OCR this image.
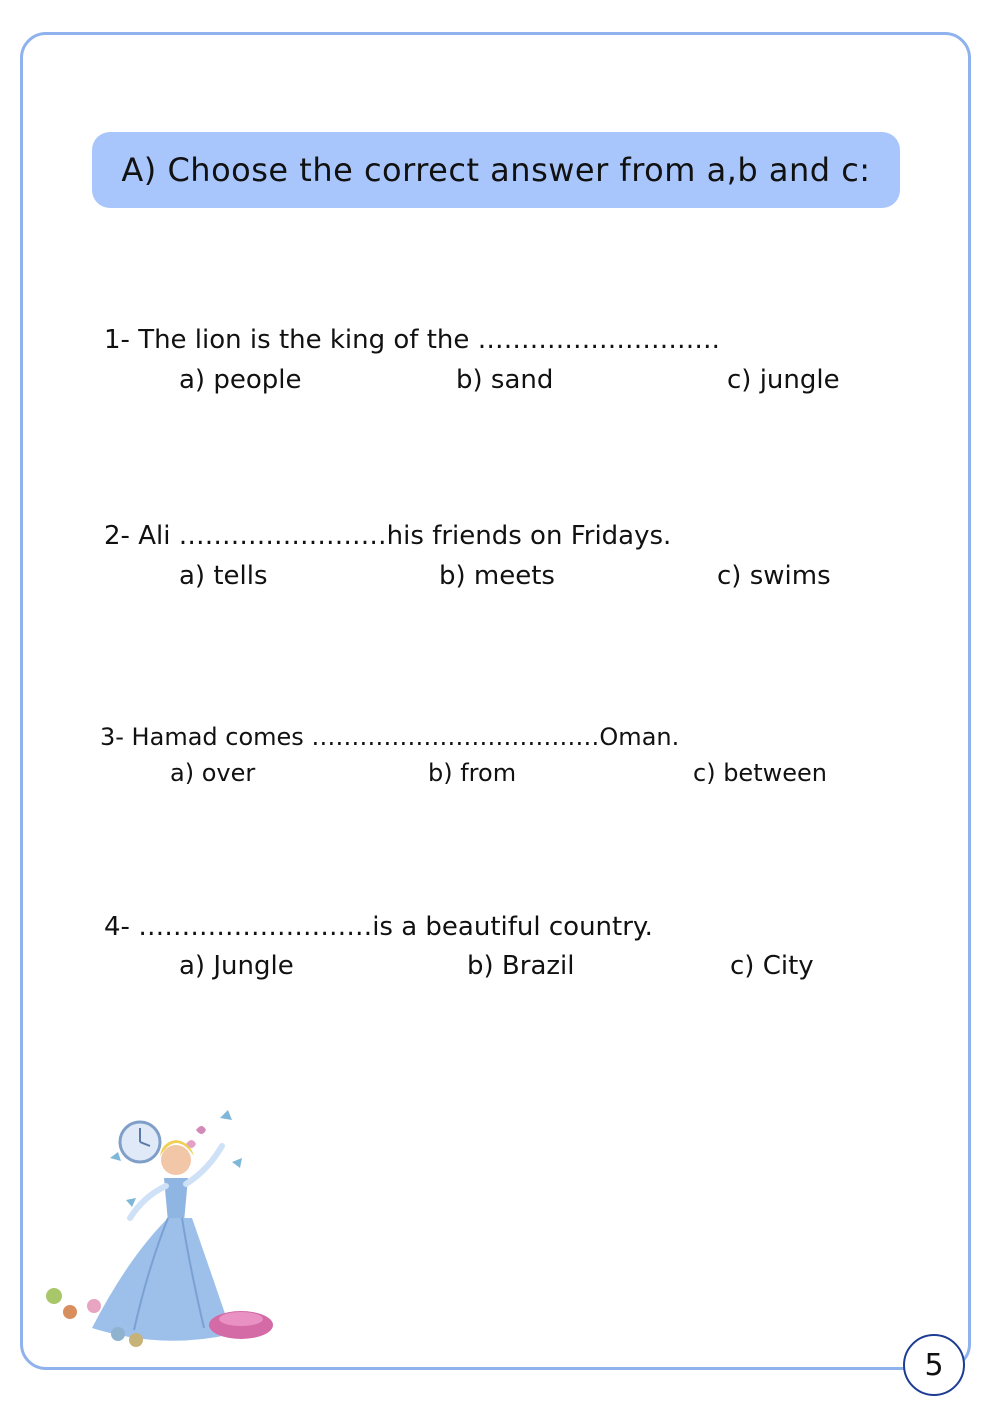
A) Choose the correct answer from a,b and c:
1- The lion is the king of the ……………………….
a) people	b) sand	c) jungle
2- Ali ……………………his friends on Fridays.
a) tells	b) meets	c) swims
3- Hamad comes ………………………………Oman.
a) over	b) from	c) between
4- ………………………is a beautiful country.
a) Jungle	b) Brazil	c) City
5
